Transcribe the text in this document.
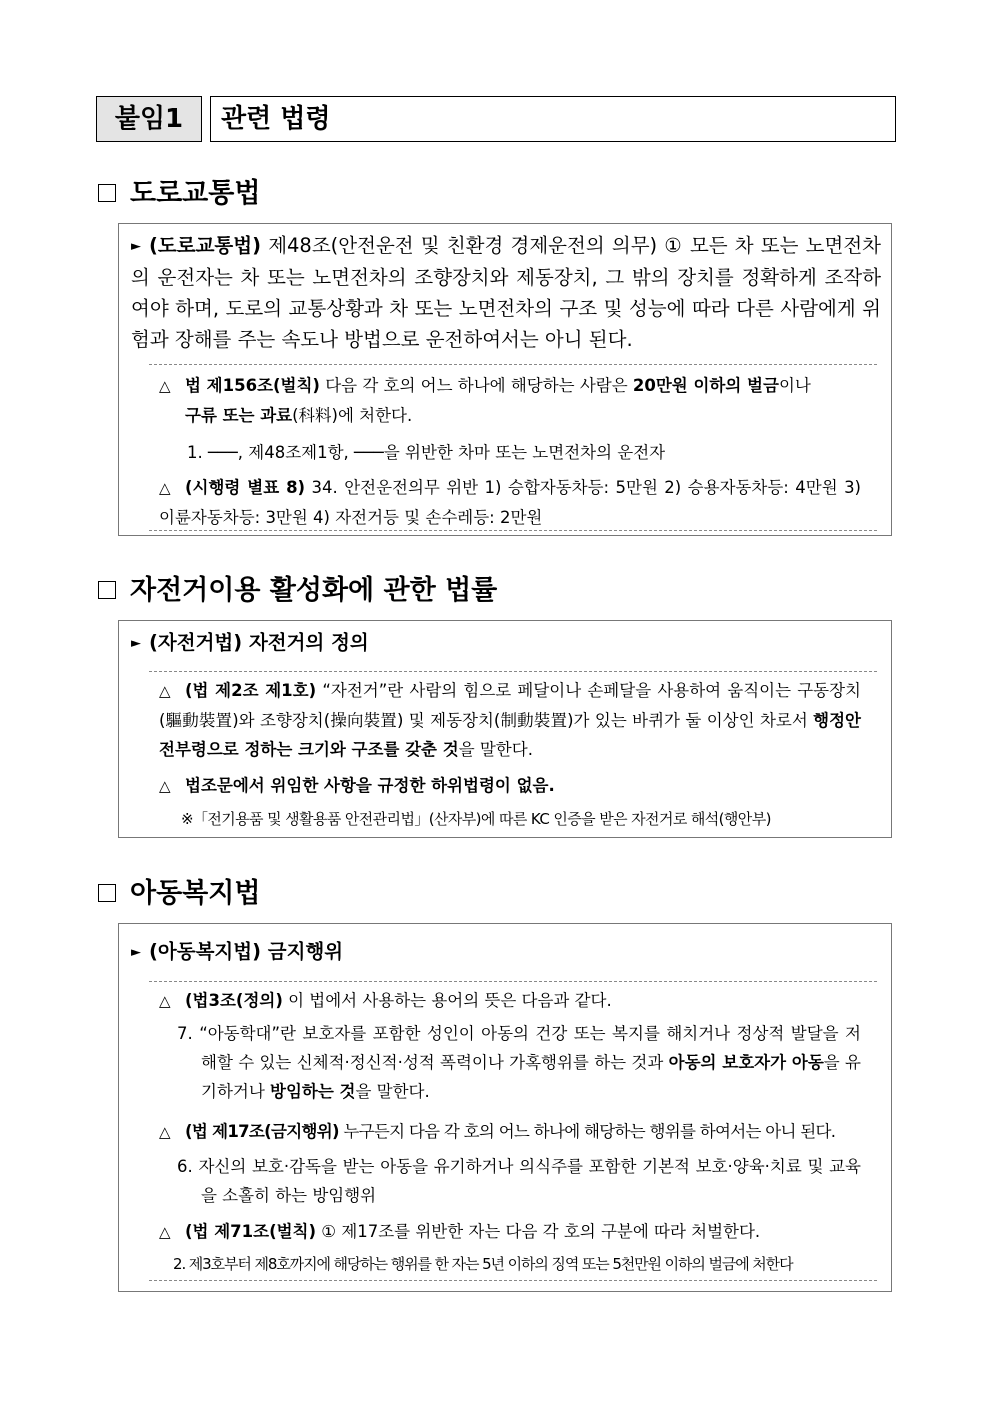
붙임1	관련 법령
도로교통법
► (도로교통법) 제48조(안전운전 및 친환경 경제운전의 의무) ① 모든 차 또는 노면전차의 운전자는 차 또는 노면전차의 조향장치와 제동장치, 그 밖의 장치를 정확하게 조작하여야 하며, 도로의 교통상황과 차 또는 노면전차의 구조 및 성능에 따라 다른 사람에게 위험과 장해를 주는 속도나 방법으로 운전하여서는 아니 된다.
△ 법 제156조(벌칙) 다음 각 호의 어느 하나에 해당하는 사람은 20만원 이하의 벌금이나
구류 또는 과료(科料)에 처한다.
1. ───, 제48조제1항, ───을 위반한 차마 또는 노면전차의 운전자
△ (시행령 별표 8) 34. 안전운전의무 위반 1) 승합자동차등: 5만원 2) 승용자동차등: 4만원 3) 이륜자동차등: 3만원 4) 자전거등 및 손수레등: 2만원
자전거이용 활성화에 관한 법률
► (자전거법) 자전거의 정의
△ (법 제2조 제1호) “자전거”란 사람의 힘으로 페달이나 손페달을 사용하여 움직이는 구동장치(驅動裝置)와 조향장치(操向裝置) 및 제동장치(制動裝置)가 있는 바퀴가 둘 이상인 차로서 행정안전부령으로 정하는 크기와 구조를 갖춘 것을 말한다.
△ 법조문에서 위임한 사항을 규정한 하위법령이 없음.
※「전기용품 및 생활용품 안전관리법」(산자부)에 따른 KC 인증을 받은 자전거로 해석(행안부)
아동복지법
► (아동복지법) 금지행위
△ (법3조(정의) 이 법에서 사용하는 용어의 뜻은 다음과 같다.
7. “아동학대”란 보호자를 포함한 성인이 아동의 건강 또는 복지를 해치거나 정상적 발달을 저해할 수 있는 신체적·정신적·성적 폭력이나 가혹행위를 하는 것과 아동의 보호자가 아동을 유기하거나 방임하는 것을 말한다.
△ (법 제17조(금지행위) 누구든지 다음 각 호의 어느 하나에 해당하는 행위를 하여서는 아니 된다.
6. 자신의 보호·감독을 받는 아동을 유기하거나 의식주를 포함한 기본적 보호·양육·치료 및 교육을 소홀히 하는 방임행위
△ (법 제71조(벌칙) ① 제17조를 위반한 자는 다음 각 호의 구분에 따라 처벌한다.
2. 제3호부터 제8호까지에 해당하는 행위를 한 자는 5년 이하의 징역 또는 5천만원 이하의 벌금에 처한다
